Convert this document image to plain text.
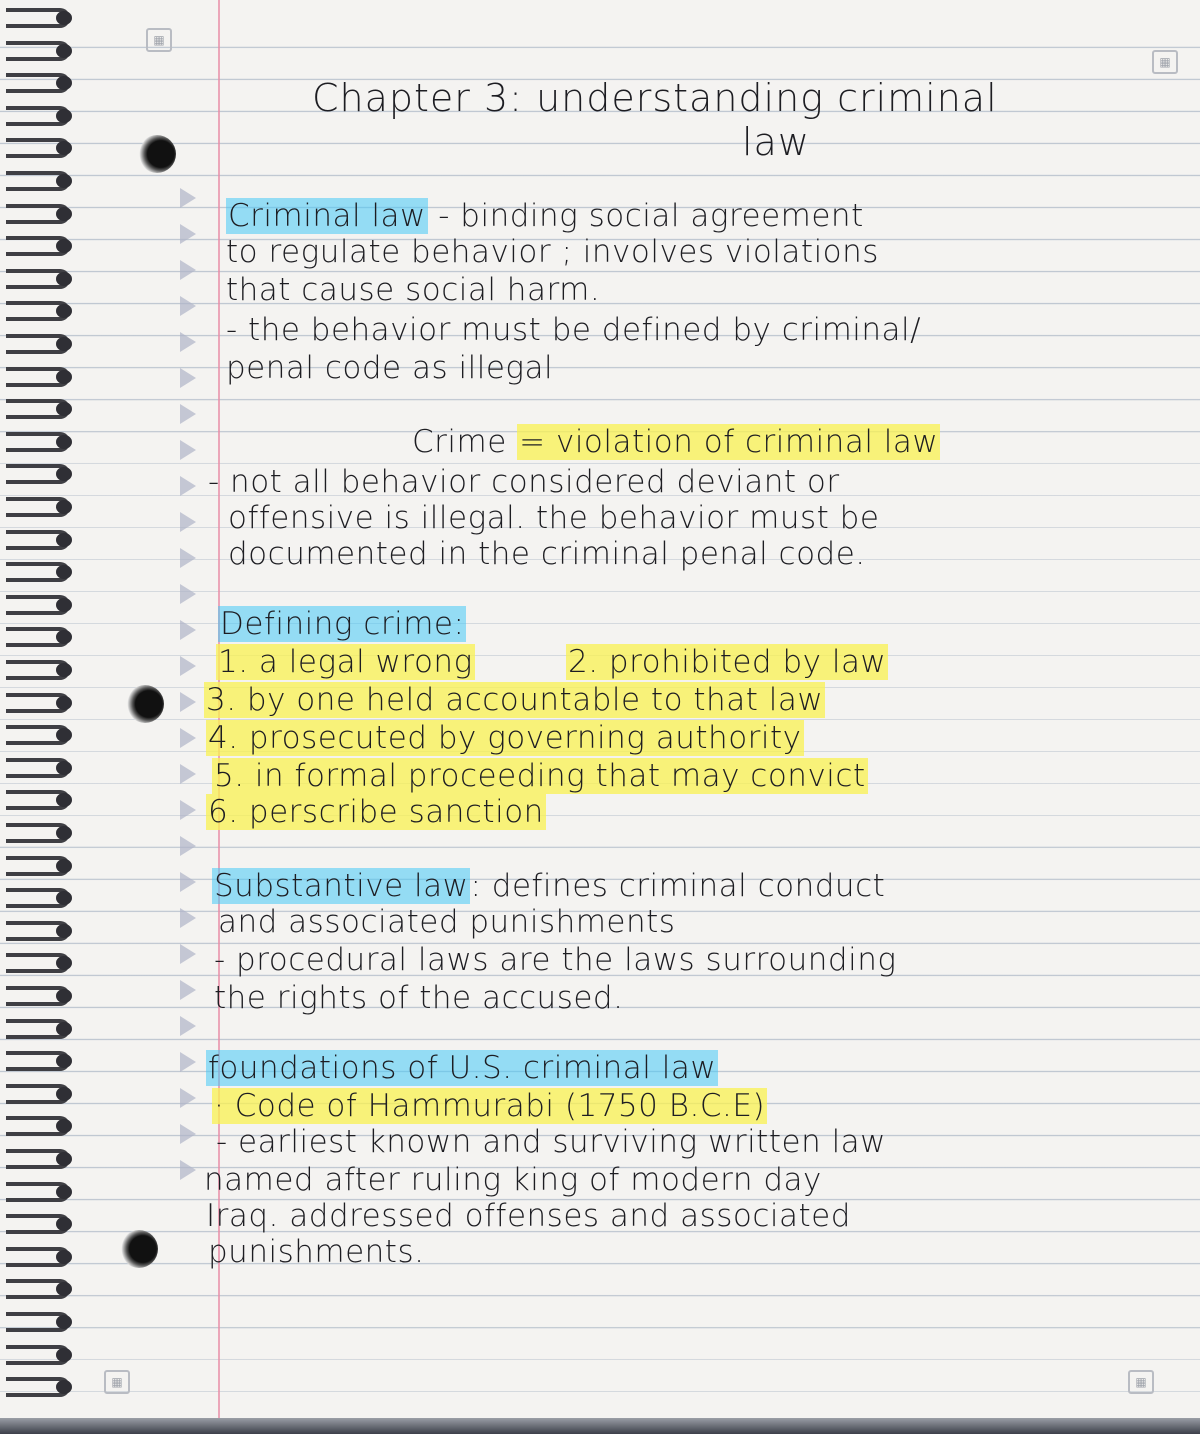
▦
▦
▦	▦

Chapter 3: understanding criminal

law

Criminal law - binding social agreement

to regulate behavior ; involves violations

that cause social harm.

- the behavior must be defined by criminal/

penal code as illegal

Crime = violation of criminal law

- not all behavior considered deviant or

offensive is illegal. the behavior must be

documented in the criminal penal code.

Defining crime:

1. a legal wrong	2. prohibited by law

3. by one held accountable to that law

4. prosecuted by governing authority

5. in formal proceeding that may convict

6. perscribe sanction

Substantive law: defines criminal conduct

and associated punishments

- procedural laws are the laws surrounding

the rights of the accused.

foundations of U.S. criminal law

· Code of Hammurabi (1750 B.C.E)

- earliest known and surviving written law

named after ruling king of modern day

Iraq. addressed offenses and associated

punishments.
